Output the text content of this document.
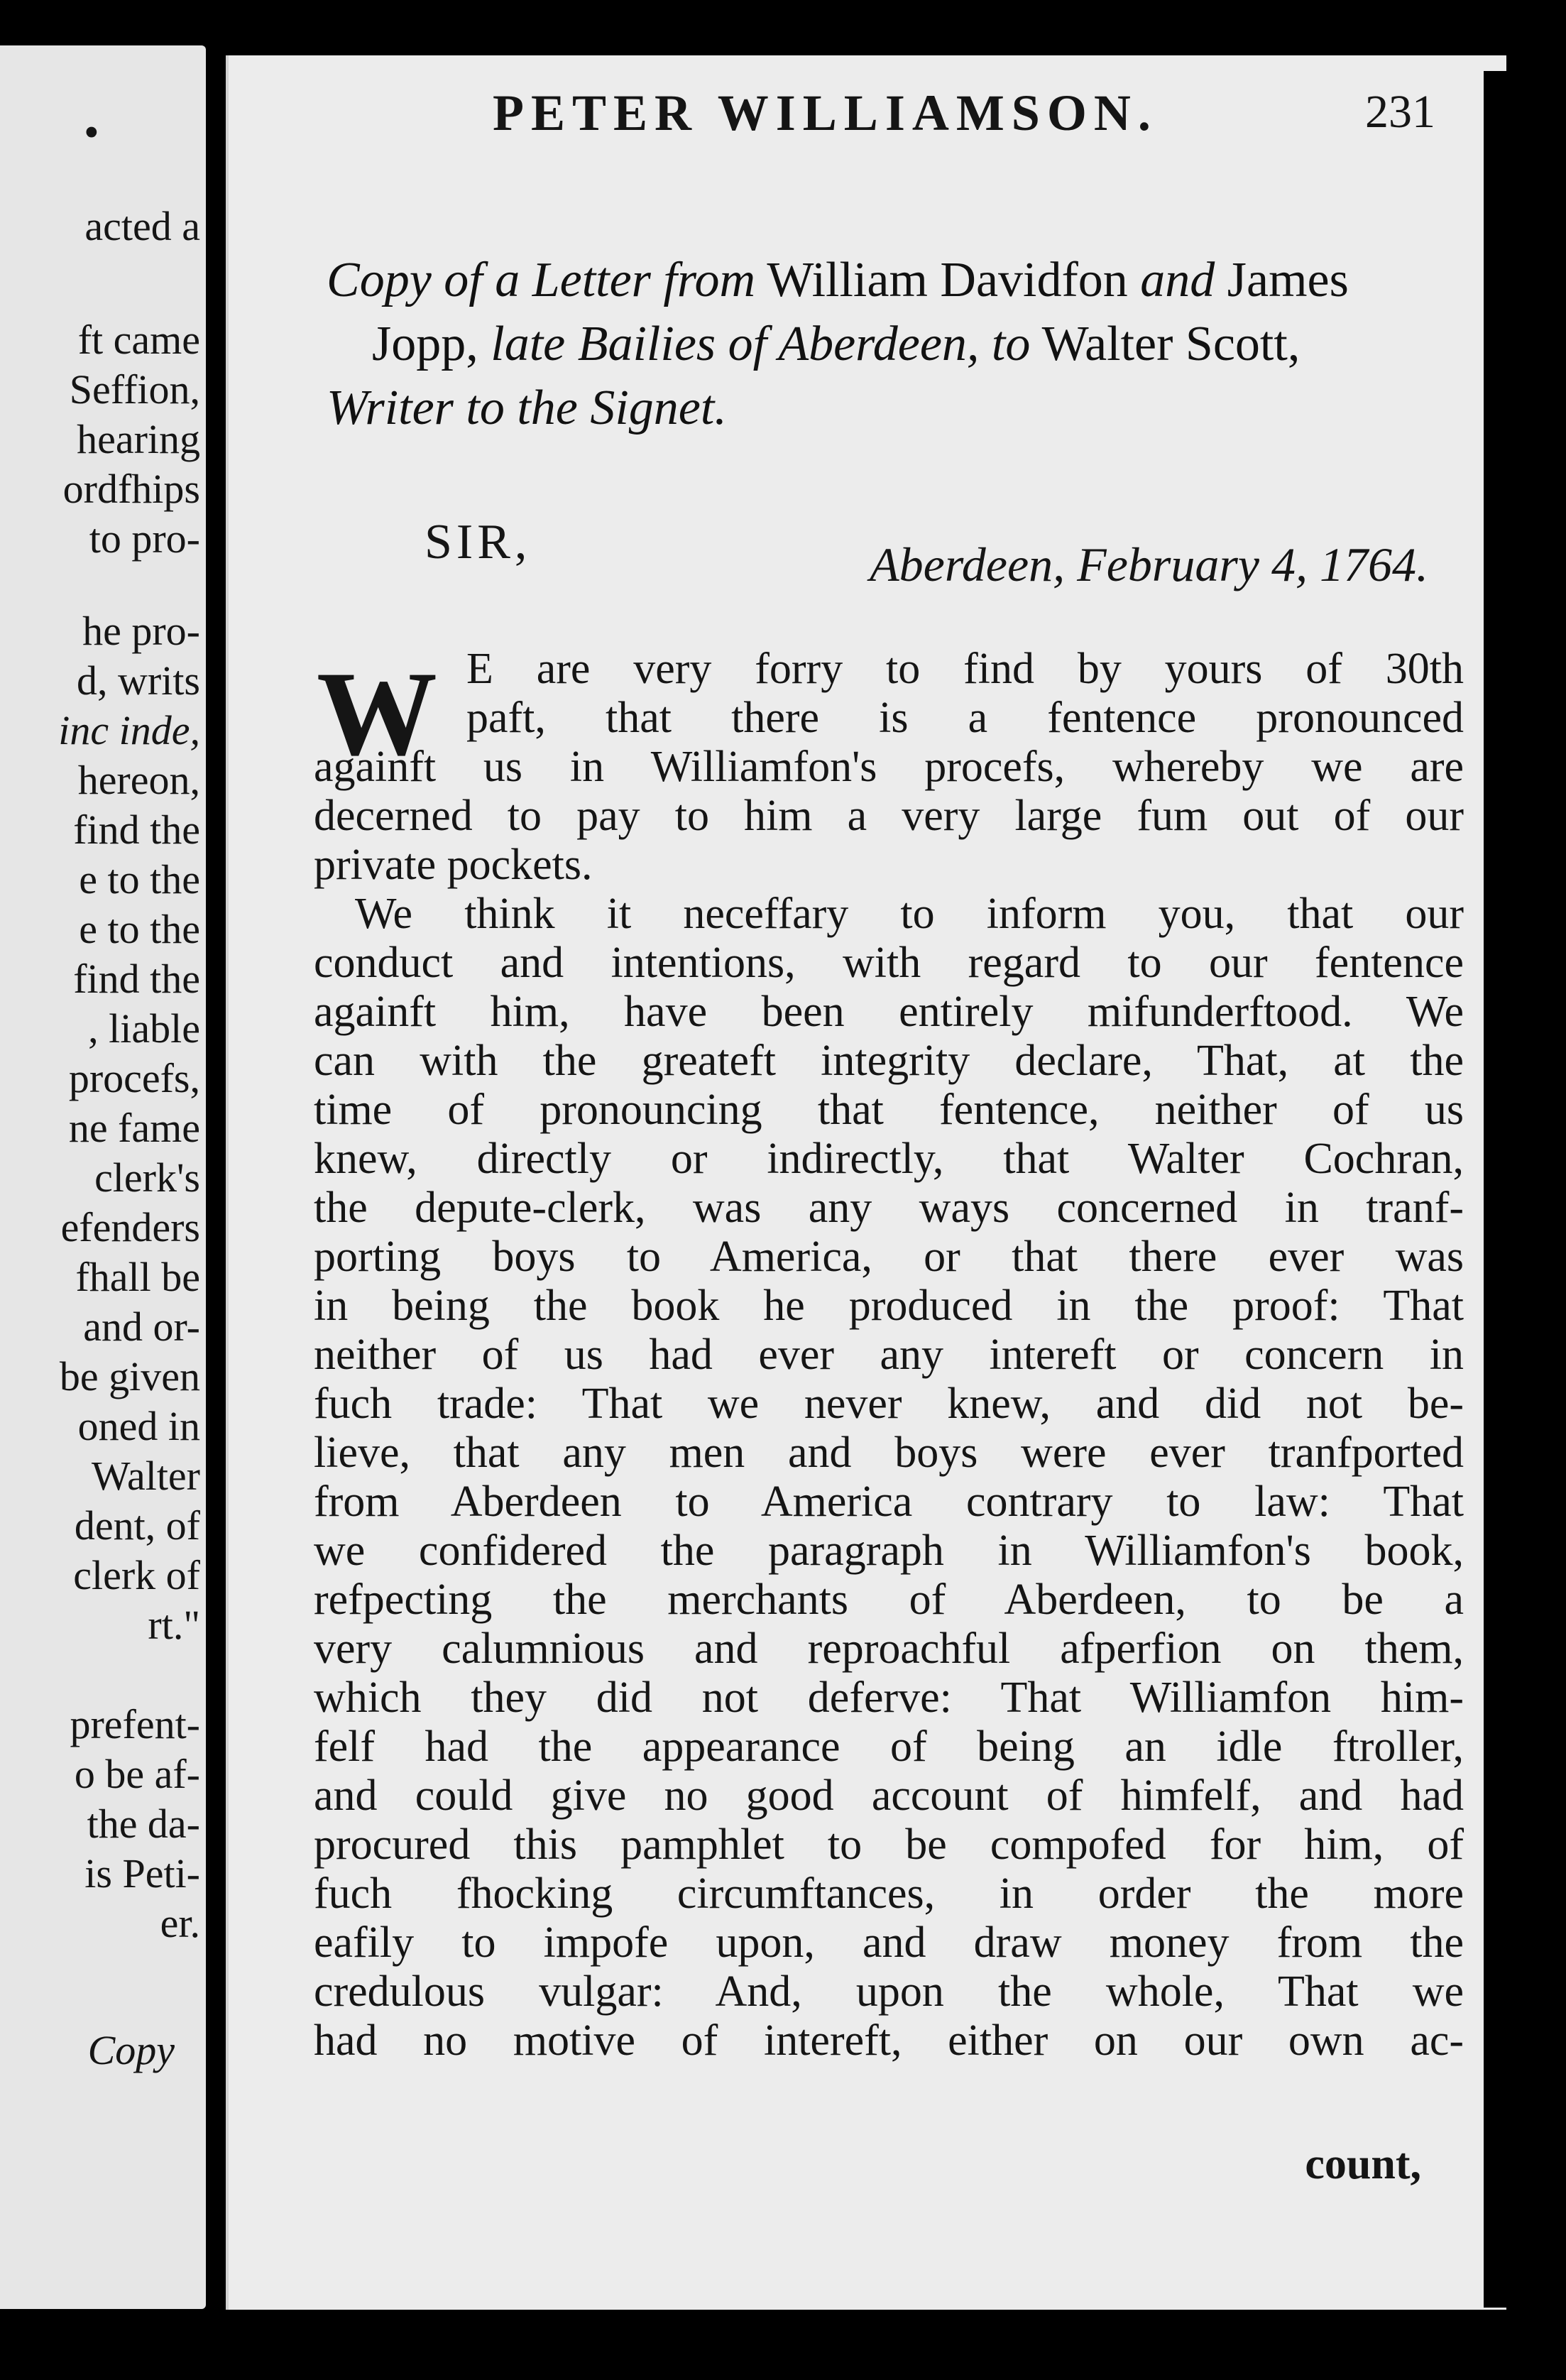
•
acted a
ft came
Seffion,
hearing
ordfhips
to pro-
he pro-
d, writs
inc inde,
hereon,
find the
e to the
e to the
find the
, liable
procefs,
ne fame
clerk's
efenders
fhall be
and or-
be given
oned in
Walter
dent, of
clerk of
rt."
prefent-
o be af-
the da-
is Peti-
er.
Copy
PETER WILLIAMSON.	231
Copy of a Letter from William Davidfon and James
Jopp, late Bailies of Aberdeen, to Walter Scott,
Writer to the Signet.
SIR,	Aberdeen, February 4, 1764.
W E are very forry to find by yours of 30th
paft, that there is a fentence pronounced
againft us in Williamfon's procefs, whereby we are
decerned to pay to him a very large fum out of our
private pockets.
We think it neceffary to inform you, that our
conduct and intentions, with regard to our fentence
againft him, have been entirely mifunderftood. We
can with the greateft integrity declare, That, at the
time of pronouncing that fentence, neither of us
knew, directly or indirectly, that Walter Cochran,
the depute-clerk, was any ways concerned in tranf-
porting boys to America, or that there ever was
in being the book he produced in the proof: That
neither of us had ever any intereft or concern in
fuch trade: That we never knew, and did not be-
lieve, that any men and boys were ever tranfported
from Aberdeen to America contrary to law: That
we confidered the paragraph in Williamfon's book,
refpecting the merchants of Aberdeen, to be a
very calumnious and reproachful afperfion on them,
which they did not deferve: That Williamfon him-
felf had the appearance of being an idle ftroller,
and could give no good account of himfelf, and had
procured this pamphlet to be compofed for him, of
fuch fhocking circumftances, in order the more
eafily to impofe upon, and draw money from the
credulous vulgar: And, upon the whole, That we
had no motive of intereft, either on our own ac-
count,
